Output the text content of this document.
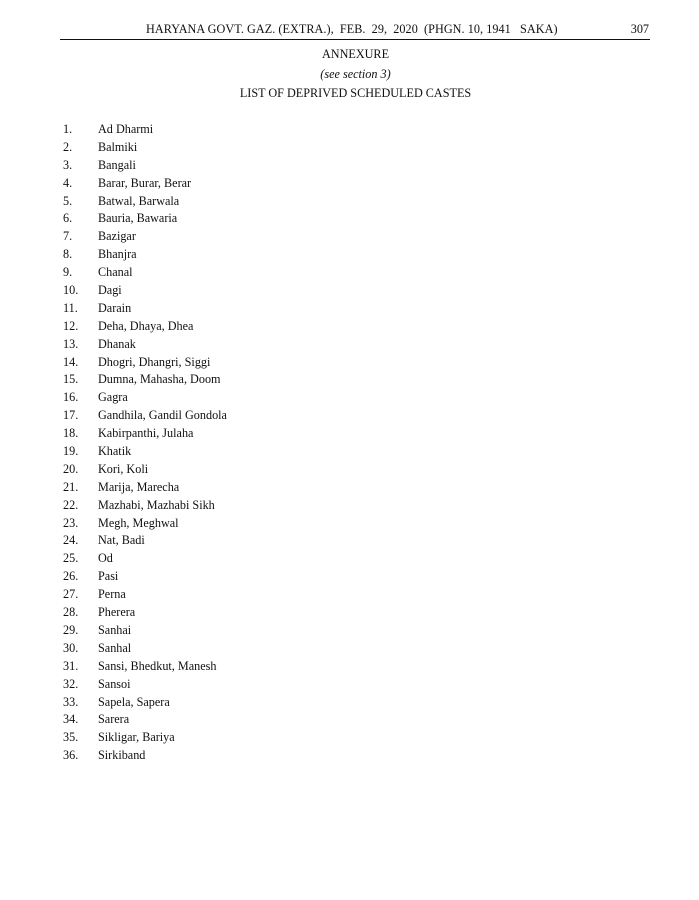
HARYANA GOVT. GAZ. (EXTRA.),  FEB.  29,  2020  (PHGN. 10, 1941   SAKA)	307
ANNEXURE
(see section 3)
LIST OF DEPRIVED SCHEDULED CASTES
1. Ad Dharmi
2. Balmiki
3. Bangali
4. Barar, Burar, Berar
5. Batwal, Barwala
6. Bauria, Bawaria
7. Bazigar
8. Bhanjra
9. Chanal
10. Dagi
11. Darain
12. Deha, Dhaya, Dhea
13. Dhanak
14. Dhogri, Dhangri, Siggi
15. Dumna, Mahasha, Doom
16. Gagra
17. Gandhila, Gandil Gondola
18. Kabirpanthi, Julaha
19. Khatik
20. Kori, Koli
21. Marija, Marecha
22. Mazhabi, Mazhabi Sikh
23. Megh, Meghwal
24. Nat, Badi
25. Od
26. Pasi
27. Perna
28. Pherera
29. Sanhai
30. Sanhal
31. Sansi, Bhedkut, Manesh
32. Sansoi
33. Sapela, Sapera
34. Sarera
35. Sikligar, Bariya
36. Sirkiband
